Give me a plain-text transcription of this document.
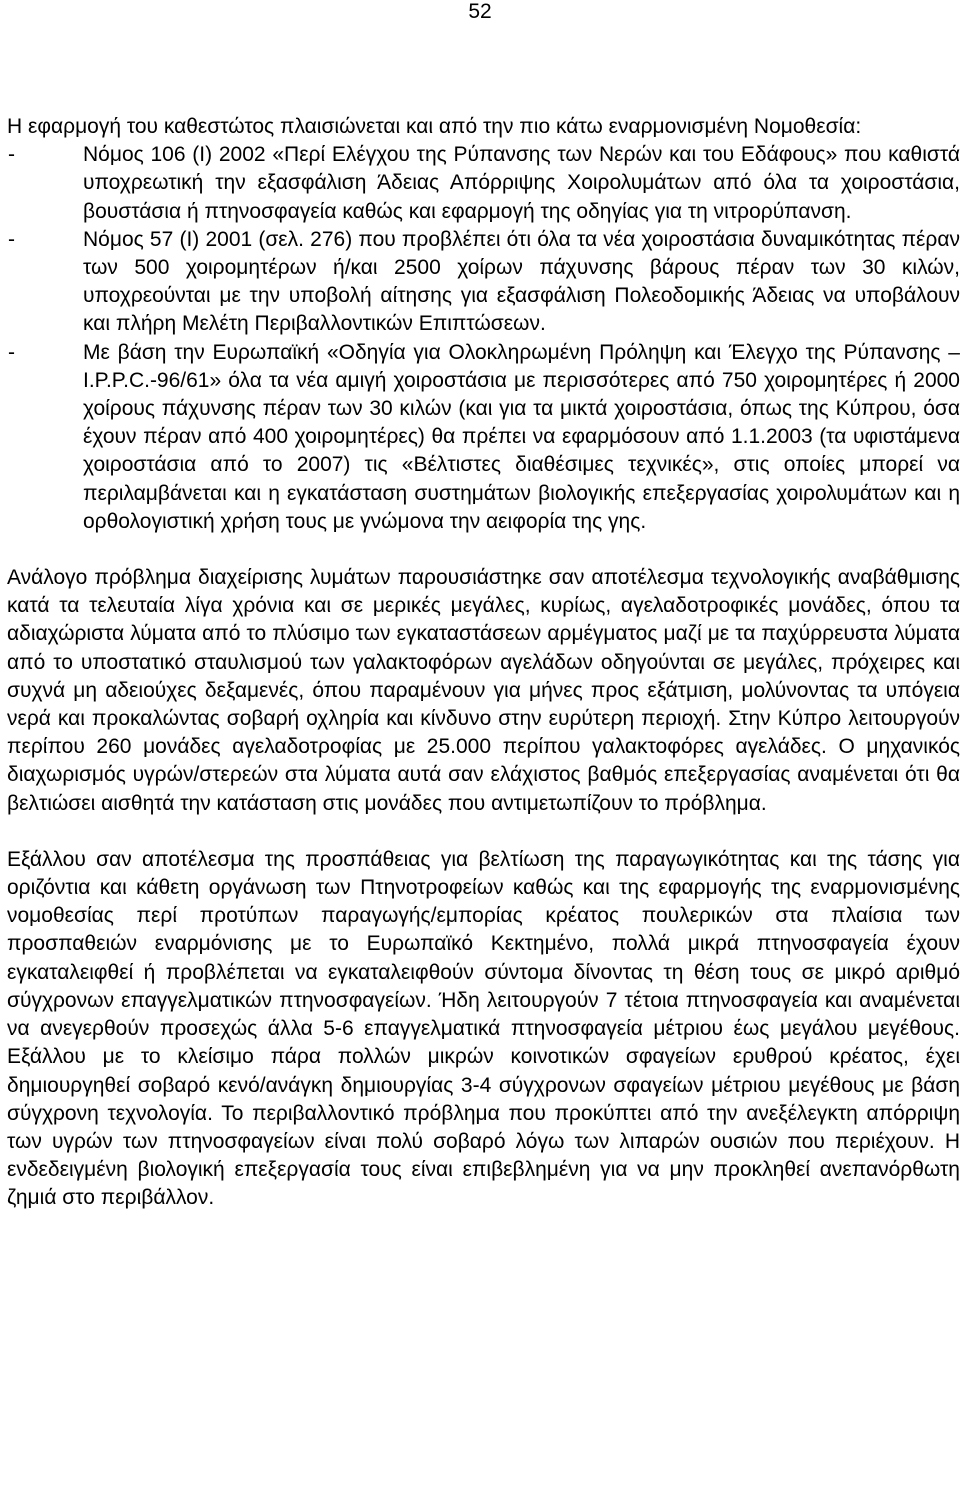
52

Η εφαρμογή του καθεστώτος πλαισιώνεται και από την πιο κάτω εναρμονισμένη Νομοθεσία:

-	Νόμος 106 (Ι) 2002 «Περί Ελέγχου της Ρύπανσης των Νερών και του Εδάφους» που καθιστά υποχρεωτική την εξασφάλιση Άδειας Απόρριψης Χοιρολυμάτων από όλα τα χοιροστάσια, βουστάσια ή πτηνοσφαγεία καθώς και εφαρμογή της οδηγίας για τη νιτρορύπανση.
-	Νόμος 57 (Ι) 2001 (σελ. 276) που προβλέπει ότι όλα τα νέα χοιροστάσια δυναμικότητας πέραν των 500 χοιρομητέρων ή/και 2500 χοίρων πάχυνσης βάρους πέραν των 30 κιλών, υποχρεούνται με την υποβολή αίτησης για εξασφάλιση Πολεοδομικής Άδειας να υποβάλουν και πλήρη Μελέτη Περιβαλλοντικών Επιπτώσεων.
-	Με βάση την Ευρωπαϊκή «Οδηγία για Ολοκληρωμένη Πρόληψη και Έλεγχο της Ρύπανσης – I.P.P.C.-96/61» όλα τα νέα αμιγή χοιροστάσια με περισσότερες από 750 χοιρομητέρες ή 2000 χοίρους πάχυνσης πέραν των 30 κιλών (και για τα μικτά χοιροστάσια, όπως της Κύπρου, όσα έχουν πέραν από 400 χοιρομητέρες) θα πρέπει να εφαρμόσουν από 1.1.2003 (τα υφιστάμενα χοιροστάσια από το 2007) τις «Βέλτιστες διαθέσιμες τεχνικές», στις οποίες μπορεί να περιλαμβάνεται και η εγκατάσταση συστημάτων βιολογικής επεξεργασίας χοιρολυμάτων και η ορθολογιστική χρήση τους με γνώμονα την αειφορία της γης.

Ανάλογο πρόβλημα διαχείρισης λυμάτων παρουσιάστηκε σαν αποτέλεσμα τεχνολογικής αναβάθμισης κατά τα τελευταία λίγα χρόνια και σε μερικές μεγάλες, κυρίως, αγελαδοτροφικές μονάδες, όπου τα αδιαχώριστα λύματα από το πλύσιμο των εγκαταστάσεων αρμέγματος μαζί με τα παχύρρευστα λύματα από το υποστατικό σταυλισμού των γαλακτοφόρων αγελάδων οδηγούνται σε μεγάλες, πρόχειρες και συχνά μη αδειούχες δεξαμενές, όπου παραμένουν για μήνες προς εξάτμιση, μολύνοντας τα υπόγεια νερά και προκαλώντας σοβαρή οχληρία και κίνδυνο στην ευρύτερη περιοχή. Στην Κύπρο λειτουργούν περίπου 260 μονάδες αγελαδοτροφίας με 25.000 περίπου γαλακτοφόρες αγελάδες. Ο μηχανικός διαχωρισμός υγρών/στερεών στα λύματα αυτά σαν ελάχιστος βαθμός επεξεργασίας αναμένεται ότι θα βελτιώσει αισθητά την κατάσταση στις μονάδες που αντιμετωπίζουν το πρόβλημα.

Εξάλλου σαν αποτέλεσμα της προσπάθειας για βελτίωση της παραγωγικότητας και της τάσης για οριζόντια και κάθετη οργάνωση των Πτηνοτροφείων καθώς και της εφαρμογής της εναρμονισμένης νομοθεσίας περί προτύπων παραγωγής/εμπορίας κρέατος πουλερικών στα πλαίσια των προσπαθειών εναρμόνισης με το Ευρωπαϊκό Κεκτημένο, πολλά μικρά πτηνοσφαγεία έχουν εγκαταλειφθεί ή προβλέπεται να εγκαταλειφθούν σύντομα δίνοντας τη θέση τους σε μικρό αριθμό σύγχρονων επαγγελματικών πτηνοσφαγείων. Ήδη λειτουργούν 7 τέτοια πτηνοσφαγεία και αναμένεται να ανεγερθούν προσεχώς άλλα 5-6 επαγγελματικά πτηνοσφαγεία μέτριου έως μεγάλου μεγέθους. Εξάλλου με το κλείσιμο πάρα πολλών μικρών κοινοτικών σφαγείων ερυθρού κρέατος, έχει δημιουργηθεί σοβαρό κενό/ανάγκη δημιουργίας 3-4 σύγχρονων σφαγείων μέτριου μεγέθους με βάση σύγχρονη τεχνολογία. Το περιβαλλοντικό πρόβλημα που προκύπτει από την ανεξέλεγκτη απόρριψη των υγρών των πτηνοσφαγείων είναι πολύ σοβαρό λόγω των λιπαρών ουσιών που περιέχουν. Η ενδεδειγμένη βιολογική επεξεργασία τους είναι επιβεβλημένη για να μην προκληθεί ανεπανόρθωτη ζημιά στο περιβάλλον.
